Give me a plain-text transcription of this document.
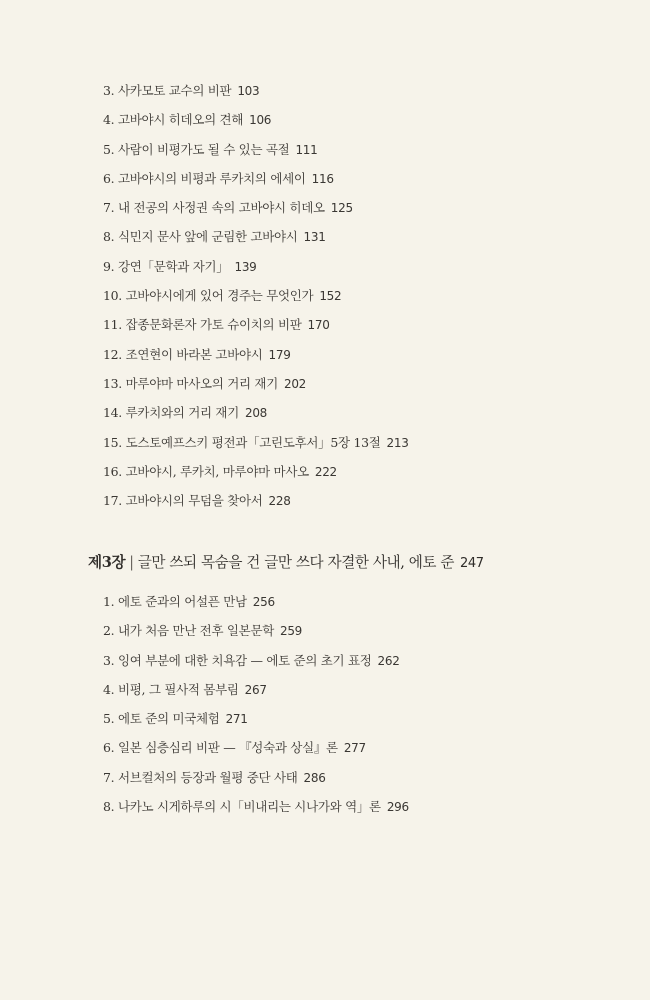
3. 사카모토 교수의 비판 103
4. 고바야시 히데오의 견해 106
5. 사람이 비평가도 될 수 있는 곡절 111
6. 고바야시의 비평과 루카치의 에세이 116
7. 내 전공의 사정권 속의 고바야시 히데오 125
8. 식민지 문사 앞에 군림한 고바야시 131
9. 강연「문학과 자기」 139
10. 고바야시에게 있어 경주는 무엇인가 152
11. 잡종문화론자 가토 슈이치의 비판 170
12. 조연현이 바라본 고바야시 179
13. 마루야마 마사오의 거리 재기 202
14. 루카치와의 거리 재기 208
15. 도스토예프스키 평전과「고린도후서」5장 13절 213
16. 고바야시, 루카치, 마루야마 마사오 222
17. 고바야시의 무덤을 찾아서 228
제3장 | 글만 쓰되 목숨을 건 글만 쓰다 자결한 사내, 에토 준 247
1. 에토 준과의 어설픈 만남 256
2. 내가 처음 만난 전후 일본문학 259
3. 잉여 부분에 대한 치욕감 — 에토 준의 초기 표정 262
4. 비평, 그 필사적 몸부림 267
5. 에토 준의 미국체험 271
6. 일본 심층심리 비판 — 『성숙과 상실』론 277
7. 서브컬처의 등장과 월평 중단 사태 286
8. 나카노 시게하루의 시「비내리는 시나가와 역」론 296
